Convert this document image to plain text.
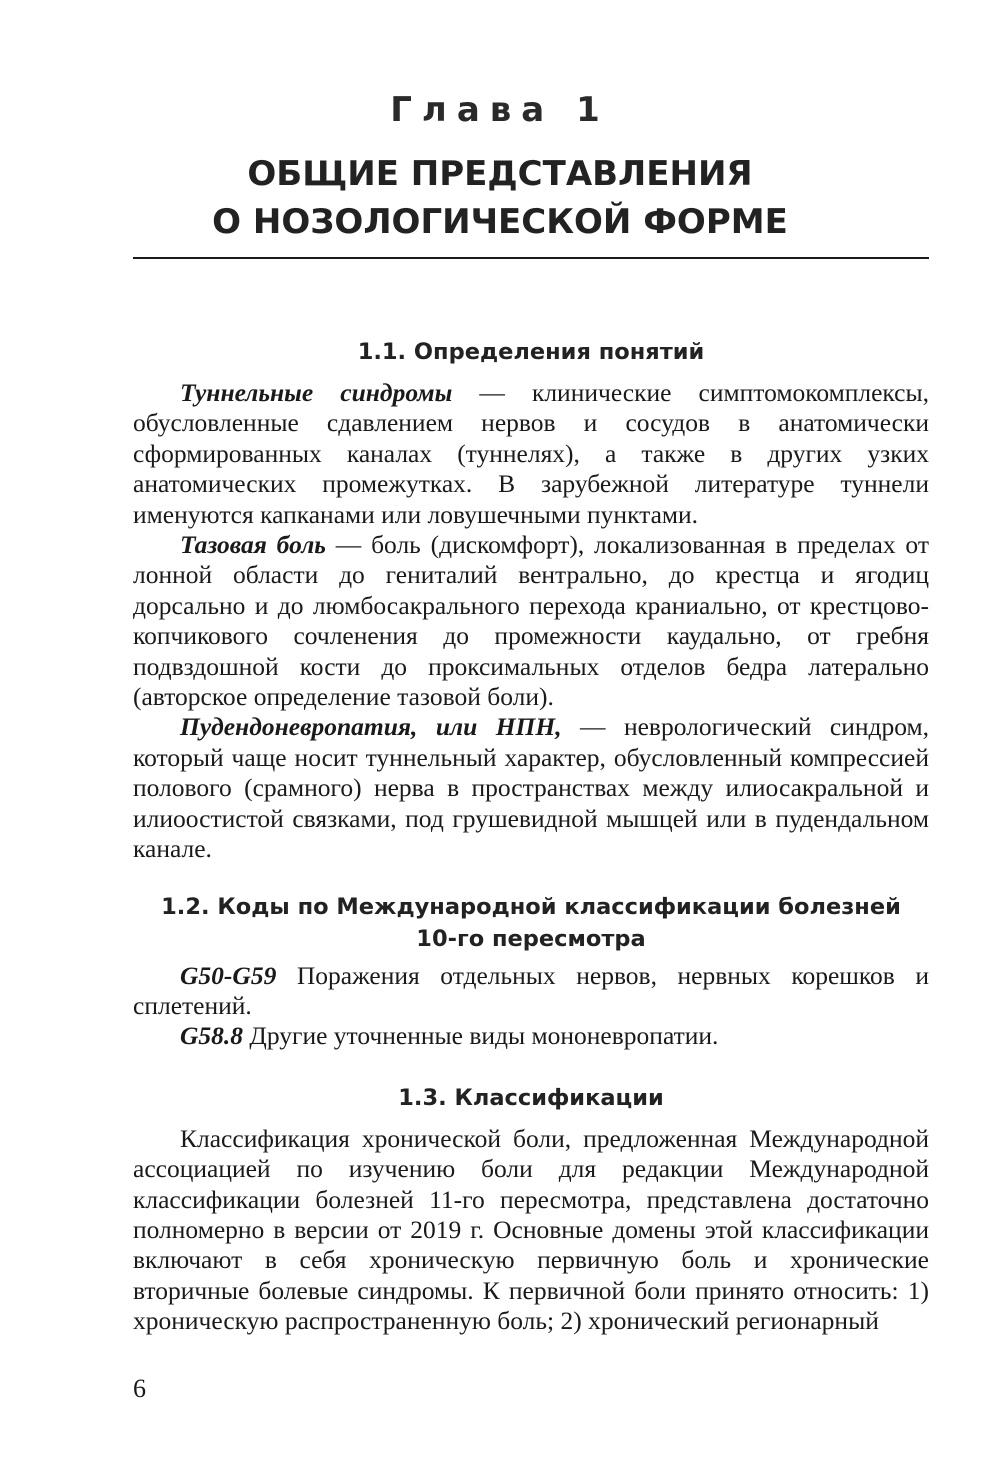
Глава 1
ОБЩИЕ ПРЕДСТАВЛЕНИЯ
О НОЗОЛОГИЧЕСКОЙ ФОРМЕ
1.1. Определения понятий

Туннельные синдромы — клинические симптомокомплексы, обусловленные сдавлением нервов и сосудов в анатомически сформированных каналах (туннелях), а также в других узких анатомических промежутках. В зарубежной литературе туннели именуются капканами или ловушечными пунктами.

Тазовая боль — боль (дискомфорт), локализованная в пределах от лонной области до гениталий вентрально, до крестца и ягодиц дорсально и до люмбосакрального перехода краниально, от крестцово-копчикового сочленения до промежности каудально, от гребня подвздошной кости до проксимальных отделов бедра латерально (авторское определение тазовой боли).

Пудендоневропатия, или НПН, — неврологический синдром, который чаще носит туннельный характер, обусловленный компрессией полового (срамного) нерва в пространствах между илиосакральной и илиоостистой связками, под грушевидной мышцей или в пудендальном канале.

1.2. Коды по Международной классификации болезней
10-го пересмотра

G50-G59 Поражения отдельных нервов, нервных корешков и сплетений.

G58.8 Другие уточненные виды мононевропатии.

1.3. Классификации

Классификация хронической боли, предложенная Международной ассоциацией по изучению боли для редакции Международной классификации болезней 11-го пересмотра, представлена достаточно полномерно в версии от 2019 г. Основные домены этой классификации включают в себя хроническую первичную боль и хронические вторичные болевые синдромы. К первичной боли принято относить: 1) хроническую распространенную боль; 2) хронический регионарный

6
